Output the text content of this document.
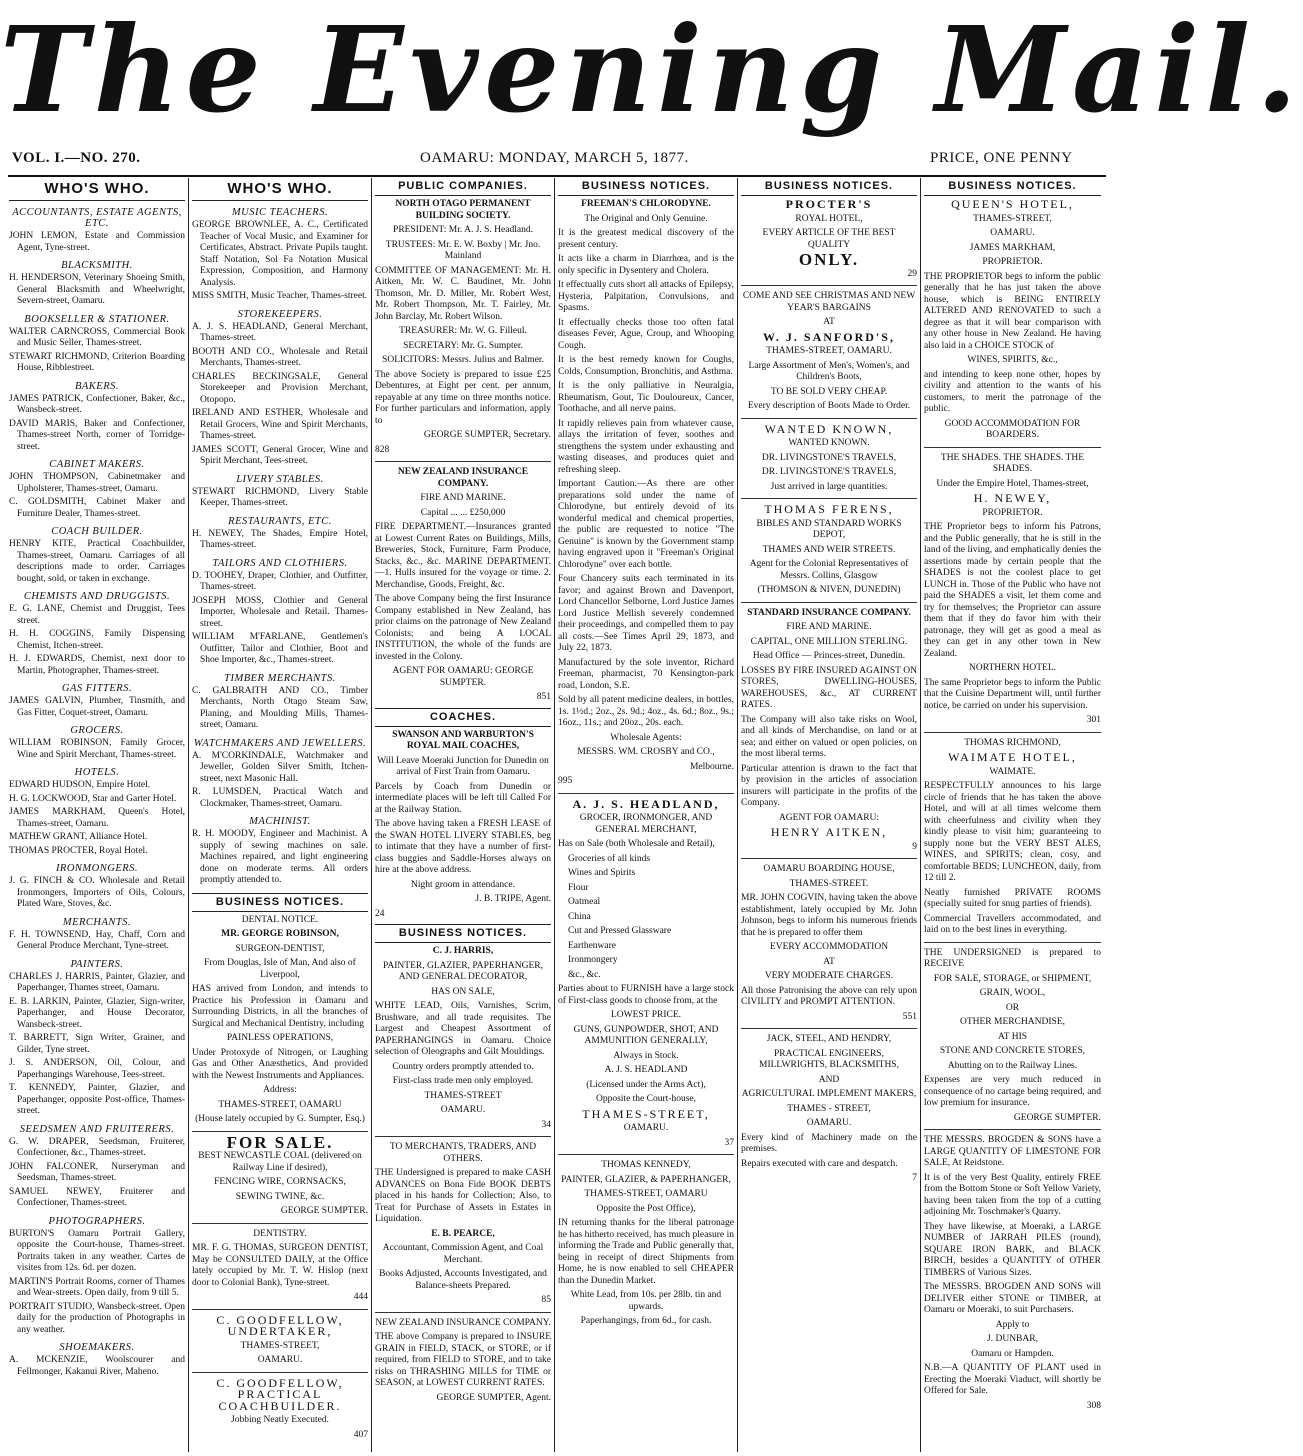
The Evening Mail.
VOL. I.—NO. 270.	OAMARU: MONDAY, MARCH 5, 1877.	PRICE, ONE PENNY
WHO'S WHO.
ACCOUNTANTS, ESTATE AGENTS, ETC.
JOHN LEMON, Estate and Commission Agent, Tyne-street.
BLACKSMITH.
H. HENDERSON, Veterinary Shoeing Smith, General Blacksmith and Wheelwright, Severn-street, Oamaru.
BOOKSELLER & STATIONER.
WALTER CARNCROSS, Commercial Book and Music Seller, Thames-street.
STEWART RICHMOND, Criterion Boarding House, Ribblestreet.
BAKERS.
JAMES PATRICK, Confectioner, Baker, &c., Wansbeck-street.
DAVID MARIS, Baker and Confectioner, Thames-street North, corner of Torridge-street.
CABINET MAKERS.
JOHN THOMPSON, Cabinetmaker and Upholsterer, Thames-street, Oamaru.
C. GOLDSMITH, Cabinet Maker and Furniture Dealer, Thames-street.
COACH BUILDER.
HENRY KITE, Practical Coachbuilder, Thames-street, Oamaru. Carriages of all descriptions made to order. Carriages bought, sold, or taken in exchange.
CHEMISTS AND DRUGGISTS.
E. G. LANE, Chemist and Druggist, Tees street.
H. H. COGGINS, Family Dispensing Chemist, Itchen-street.
H. J. EDWARDS, Chemist, next door to Martin, Photographer, Thames-street.
GAS FITTERS.
JAMES GALVIN, Plumber, Tinsmith, and Gas Fitter, Coquet-street, Oamaru.
GROCERS.
WILLIAM ROBINSON, Family Grocer, Wine and Spirit Merchant, Thames-street.
HOTELS.
EDWARD HUDSON, Empire Hotel.
H. G. LOCKWOOD, Star and Garter Hotel.
JAMES MARKHAM, Queen's Hotel, Thames-street, Oamaru.
MATHEW GRANT, Alliance Hotel.
THOMAS PROCTER, Royal Hotel.
IRONMONGERS.
J. G. FINCH & CO. Wholesale and Retail Ironmongers, Importers of Oils, Colours, Plated Ware, Stoves, &c.
MERCHANTS.
F. H. TOWNSEND, Hay, Chaff, Corn and General Produce Merchant, Tyne-street.
PAINTERS.
CHARLES J. HARRIS, Painter, Glazier, and Paperhanger, Thames street, Oamaru.
E. B. LARKIN, Painter, Glazier, Sign-writer, Paperhanger, and House Decorator, Wansbeck-street.
T. BARRETT, Sign Writer, Grainer, and Gilder, Tyne street.
J. S. ANDERSON, Oil, Colour, and Paperhangings Warehouse, Tees-street.
T. KENNEDY, Painter, Glazier, and Paperhanger, opposite Post-office, Thames-street.
SEEDSMEN AND FRUITERERS.
G. W. DRAPER, Seedsman, Fruiterer, Confectioner, &c., Thames-street.
JOHN FALCONER, Nurseryman and Seedsman, Thames-street.
SAMUEL NEWEY, Fruiterer and Confectioner, Thames-street.
PHOTOGRAPHERS.
BURTON'S Oamaru Portrait Gallery, opposite the Court-house, Thames-street. Portraits taken in any weather. Cartes de visites from 12s. 6d. per dozen.
MARTIN'S Portrait Rooms, corner of Thames and Wear-streets. Open daily, from 9 till 5.
PORTRAIT STUDIO, Wansbeck-street. Open daily for the production of Photographs in any weather.
SHOEMAKERS.
A. MCKENZIE, Woolscourer and Fellmonger, Kakanui River, Maheno.
WHO'S WHO.
MUSIC TEACHERS.
GEORGE BROWNLEE, A. C., Certificated Teacher of Vocal Music, and Examiner for Certificates, Abstract. Private Pupils taught. Staff Notation, Sol Fa Notation Musical Expression, Composition, and Harmony Analysis.
MISS SMITH, Music Teacher, Thames-street.
STOREKEEPERS.
A. J. S. HEADLAND, General Merchant, Thames-street.
BOOTH AND CO., Wholesale and Retail Merchants, Thames-street.
CHARLES BECKINGSALE, General Storekeeper and Provision Merchant, Otopopo.
IRELAND AND ESTHER, Wholesale and Retail Grocers, Wine and Spirit Merchants, Thames-street.
JAMES SCOTT, General Grocer, Wine and Spirit Merchant, Tees-street.
LIVERY STABLES.
STEWART RICHMOND, Livery Stable Keeper, Thames-street.
RESTAURANTS, ETC.
H. NEWEY, The Shades, Empire Hotel, Thames-street.
TAILORS AND CLOTHIERS.
D. TOOHEY, Draper, Clothier, and Outfitter, Thames-street.
JOSEPH MOSS, Clothier and General Importer, Wholesale and Retail. Thames-street.
WILLIAM M'FARLANE, Gentlemen's Outfitter, Tailor and Clothier, Boot and Shoe Importer, &c., Thames-street.
TIMBER MERCHANTS.
C. GALBRAITH AND CO., Timber Merchants, North Otago Steam Saw, Planing, and Moulding Mills, Thames-street, Oamaru.
WATCHMAKERS AND JEWELLERS.
A. M'CORKINDALE, Watchmaker and Jeweller, Golden Silver Smith, Itchen-street, next Masonic Hall.
R. LUMSDEN, Practical Watch and Clockmaker, Thames-street, Oamaru.
MACHINIST.
R. H. MOODY, Engineer and Machinist. A supply of sewing machines on sale. Machines repaired, and light engineering done on moderate terms. All orders promptly attended to.
BUSINESS NOTICES.
DENTAL NOTICE.
MR. GEORGE ROBINSON,
SURGEON-DENTIST,
From Douglas, Isle of Man, And also of Liverpool,
HAS arrived from London, and intends to Practice his Profession in Oamaru and Surrounding Districts, in all the branches of Surgical and Mechanical Dentistry, including
PAINLESS OPERATIONS,
Under Protoxyde of Nitrogen, or Laughing Gas and Other Anæsthetics, And provided with the Newest Instruments and Appliances.
Address:
THAMES-STREET, OAMARU
(House lately occupied by G. Sumpter, Esq.)
FOR SALE.
BEST NEWCASTLE COAL (delivered on Railway Line if desired),
FENCING WIRE, CORNSACKS,
SEWING TWINE, &c.
GEORGE SUMPTER.
DENTISTRY.
MR. F. G. THOMAS, SURGEON DENTIST, May be CONSULTED DAILY, at the Office lately occupied by Mr. T. W. Hislop (next door to Colonial Bank), Tyne-street.
444
C. GOODFELLOW, UNDERTAKER,
THAMES-STREET,
OAMARU.
C. GOODFELLOW, PRACTICAL COACHBUILDER.
Jobbing Neatly Executed.
407
PUBLIC COMPANIES.
NORTH OTAGO PERMANENT BUILDING SOCIETY.
PRESIDENT: Mr. A. J. S. Headland.
TRUSTEES: Mr. E. W. Boxby | Mr. Jno. Mainland
COMMITTEE OF MANAGEMENT: Mr. H. Aitken, Mr. W. C. Baudinet, Mr. John Thomson, Mr. D. Miller, Mr. Robert West, Mr. Robert Thompson, Mr. T. Fairley, Mr. John Barclay, Mr. Robert Wilson.
TREASURER: Mr. W. G. Filleul.
SECRETARY: Mr. G. Sumpter.
SOLICITORS: Messrs. Julius and Balmer.
The above Society is prepared to issue £25 Debentures, at Eight per cent. per annum, repayable at any time on three months notice. For further particulars and information, apply to
GEORGE SUMPTER, Secretary.
828
NEW ZEALAND INSURANCE COMPANY.
FIRE AND MARINE.
Capital ... ... £250,000
FIRE DEPARTMENT.—Insurances granted at Lowest Current Rates on Buildings, Mills, Breweries, Stock, Furniture, Farm Produce, Stacks, &c., &c. MARINE DEPARTMENT.—1. Hulls insured for the voyage or time. 2. Merchandise, Goods, Freight, &c.
The above Company being the first Insurance Company established in New Zealand, has prior claims on the patronage of New Zealand Colonists; and being A LOCAL INSTITUTION, the whole of the funds are invested in the Colony.
AGENT FOR OAMARU: GEORGE SUMPTER.
851
COACHES.
SWANSON AND WARBURTON'S ROYAL MAIL COACHES,
Will Leave Moeraki Junction for Dunedin on arrival of First Train from Oamaru.
Parcels by Coach from Dunedin or intermediate places will be left till Called For at the Railway Station.
The above having taken a FRESH LEASE of the SWAN HOTEL LIVERY STABLES, beg to intimate that they have a number of first-class buggies and Saddle-Horses always on hire at the above address.
Night groom in attendance.
J. B. TRIPE, Agent.
24
BUSINESS NOTICES.
C. J. HARRIS,
PAINTER, GLAZIER, PAPERHANGER, AND GENERAL DECORATOR,
HAS ON SALE,
WHITE LEAD, Oils, Varnishes, Scrim, Brushware, and all trade requisites. The Largest and Cheapest Assortment of PAPERHANGINGS in Oamaru. Choice selection of Oleographs and Gilt Mouldings.
Country orders promptly attended to.
First-class trade men only employed.
THAMES-STREET
OAMARU.
34
TO MERCHANTS, TRADERS, AND OTHERS.
THE Undersigned is prepared to make CASH ADVANCES on Bona Fide BOOK DEBTS placed in his hands for Collection; Also, to Treat for Purchase of Assets in Estates in Liquidation.
E. B. PEARCE,
Accountant, Commission Agent, and Coal Merchant.
Books Adjusted, Accounts Investigated, and Balance-sheets Prepared.
85
NEW ZEALAND INSURANCE COMPANY.
THE above Company is prepared to INSURE GRAIN in FIELD, STACK, or STORE, or if required, from FIELD to STORE, and to take risks on THRASHING MILLS for TIME or SEASON, at LOWEST CURRENT RATES.
GEORGE SUMPTER, Agent.
BUSINESS NOTICES.
FREEMAN'S CHLORODYNE.
The Original and Only Genuine.
It is the greatest medical discovery of the present century.
It acts like a charm in Diarrhœa, and is the only specific in Dysentery and Cholera.
It effectually cuts short all attacks of Epilepsy, Hysteria, Palpitation, Convulsions, and Spasms.
It effectually checks those too often fatal diseases Fever, Ague, Croup, and Whooping Cough.
It is the best remedy known for Coughs, Colds, Consumption, Bronchitis, and Asthma.
It is the only palliative in Neuralgia, Rheumatism, Gout, Tic Douloureux, Cancer, Toothache, and all nerve pains.
It rapidly relieves pain from whatever cause, allays the irritation of fever, soothes and strengthens the system under exhausting and wasting diseases, and produces quiet and refreshing sleep.
Important Caution.—As there are other preparations sold under the name of Chlorodyne, but entirely devoid of its wonderful medical and chemical properties, the public are requested to notice "The Genuine" is known by the Government stamp having engraved upon it "Freeman's Original Chlorodyne" over each bottle.
Four Chancery suits each terminated in its favor; and against Brown and Davenport, Lord Chancellor Selborne, Lord Justice James Lord Justice Mellish severely condemned their proceedings, and compelled them to pay all costs.—See Times April 29, 1873, and July 22, 1873.
Manufactured by the sole inventor, Richard Freeman, pharmacist, 70 Kensington-park road, London, S.E.
Sold by all patent medicine dealers, in bottles, 1s. 1½d.; 2oz., 2s. 9d.; 4oz., 4s. 6d.; 8oz., 9s.; 16oz., 11s.; and 20oz., 20s. each.
Wholesale Agents:
MESSRS. WM. CROSBY and CO.,
Melbourne.
995
A. J. S. HEADLAND,
GROCER, IRONMONGER, AND GENERAL MERCHANT,
Has on Sale (both Wholesale and Retail),
Groceries of all kinds
Wines and Spirits
Flour
Oatmeal
China
Cut and Pressed Glassware
Earthenware
Ironmongery
&c., &c.
Parties about to FURNISH have a large stock of First-class goods to choose from, at the
LOWEST PRICE.
GUNS, GUNPOWDER, SHOT, AND AMMUNITION GENERALLY,
Always in Stock.
A. J. S. HEADLAND
(Licensed under the Arms Act),
Opposite the Court-house,
THAMES-STREET,
OAMARU.
37
THOMAS KENNEDY,
PAINTER, GLAZIER, & PAPERHANGER,
THAMES-STREET, OAMARU
Opposite the Post Office),
IN returning thanks for the liberal patronage he has hitherto received, has much pleasure in informing the Trade and Public generally that, being in receipt of direct Shipments from Home, he is now enabled to sell CHEAPER than the Dunedin Market.
White Lead, from 10s. per 28lb. tin and upwards.
Paperhangings, from 6d., for cash.
BUSINESS NOTICES.
PROCTER'S
ROYAL HOTEL,
EVERY ARTICLE OF THE BEST QUALITY
ONLY.
29
COME AND SEE CHRISTMAS AND NEW YEAR'S BARGAINS
AT
W. J. SANFORD'S,
THAMES-STREET, OAMARU.
Large Assortment of Men's, Women's, and Children's Boots,
TO BE SOLD VERY CHEAP.
Every description of Boots Made to Order.
WANTED KNOWN,
WANTED KNOWN.
DR. LIVINGSTONE'S TRAVELS,
DR. LIVINGSTONE'S TRAVELS,
Just arrived in large quantities.
THOMAS FERENS,
BIBLES AND STANDARD WORKS DEPOT,
THAMES AND WEIR STREETS.
Agent for the Colonial Representatives of Messrs. Collins, Glasgow
(THOMSON & NIVEN, DUNEDIN)
STANDARD INSURANCE COMPANY.
FIRE AND MARINE.
CAPITAL, ONE MILLION STERLING.
Head Office — Princes-street, Dunedin.
LOSSES BY FIRE INSURED AGAINST ON STORES, DWELLING-HOUSES, WAREHOUSES, &c., AT CURRENT RATES.
The Company will also take risks on Wool, and all kinds of Merchandise, on land or at sea; and either on valued or open policies, on the most liberal terms.
Particular attention is drawn to the fact that by provision in the articles of association insurers will participate in the profits of the Company.
AGENT FOR OAMARU:
HENRY AITKEN,
9
OAMARU BOARDING HOUSE,
THAMES-STREET.
MR. JOHN COGVIN, having taken the above establishment, lately occupied by Mr. John Johnson, begs to inform his numerous friends that he is prepared to offer them
EVERY ACCOMMODATION
AT
VERY MODERATE CHARGES.
All those Patronising the above can rely upon CIVILITY and PROMPT ATTENTION.
551
JACK, STEEL, AND HENDRY,
PRACTICAL ENGINEERS, MILLWRIGHTS, BLACKSMITHS,
AND
AGRICULTURAL IMPLEMENT MAKERS,
THAMES - STREET,
OAMARU.
Every kind of Machinery made on the premises.
Repairs executed with care and despatch.
7
BUSINESS NOTICES.
QUEEN'S HOTEL,
THAMES-STREET,
OAMARU.
JAMES MARKHAM,
PROPRIETOR.
THE PROPRIETOR begs to inform the public generally that he has just taken the above house, which is BEING ENTIRELY ALTERED AND RENOVATED to such a degree as that it will bear comparison with any other house in New Zealand. He having also laid in a CHOICE STOCK of
WINES, SPIRITS, &c.,
and intending to keep none other, hopes by civility and attention to the wants of his customers, to merit the patronage of the public.
GOOD ACCOMMODATION FOR BOARDERS.
THE SHADES. THE SHADES. THE SHADES.
Under the Empire Hotel, Thames-street,
H. NEWEY,
PROPRIETOR.
THE Proprietor begs to inform his Patrons, and the Public generally, that he is still in the land of the living, and emphatically denies the assertions made by certain people that the SHADES is not the coolest place to get LUNCH in. Those of the Public who have not paid the SHADES a visit, let them come and try for themselves; the Proprietor can assure them that if they do favor him with their patronage, they will get as good a meal as they can get in any other town in New Zealand.
NORTHERN HOTEL.
The same Proprietor begs to inform the Public that the Cuisine Department will, until further notice, be carried on under his supervision.
301
THOMAS RICHMOND,
WAIMATE HOTEL,
WAIMATE.
RESPECTFULLY announces to his large circle of friends that he has taken the above Hotel, and will at all times welcome them with cheerfulness and civility when they kindly please to visit him; guaranteeing to supply none but the VERY BEST ALES, WINES, and SPIRITS; clean, cosy, and comfortable BEDS; LUNCHEON, daily, from 12 till 2.
Neatly furnished PRIVATE ROOMS (specially suited for snug parties of friends).
Commercial Travellers accommodated, and laid on to the best lines in everything.
THE UNDERSIGNED is prepared to RECEIVE
FOR SALE, STORAGE, or SHIPMENT,
GRAIN, WOOL,
OR
OTHER MERCHANDISE,
AT HIS
STONE AND CONCRETE STORES,
Abutting on to the Railway Lines.
Expenses are very much reduced in consequence of no cartage being required, and low premium for insurance.
GEORGE SUMPTER.
THE MESSRS. BROGDEN & SONS have a LARGE QUANTITY OF LIMESTONE FOR SALE, At Reidstone.
It is of the very Best Quality, entirely FREE from the Bottom Stone or Soft Yellow Variety, having been taken from the top of a cutting adjoining Mr. Toschmaker's Quarry.
They have likewise, at Moeraki, a LARGE NUMBER of JARRAH PILES (round), SQUARE IRON BARK, and BLACK BIRCH, besides a QUANTITY of OTHER TIMBERS of Various Sizes.
The MESSRS. BROGDEN AND SONS will DELIVER either STONE or TIMBER, at Oamaru or Moeraki, to suit Purchasers.
Apply to
J. DUNBAR,
Oamaru or Hampden.
N.B.—A QUANTITY OF PLANT used in Erecting the Moeraki Viaduct, will shortly be Offered for Sale.
308
